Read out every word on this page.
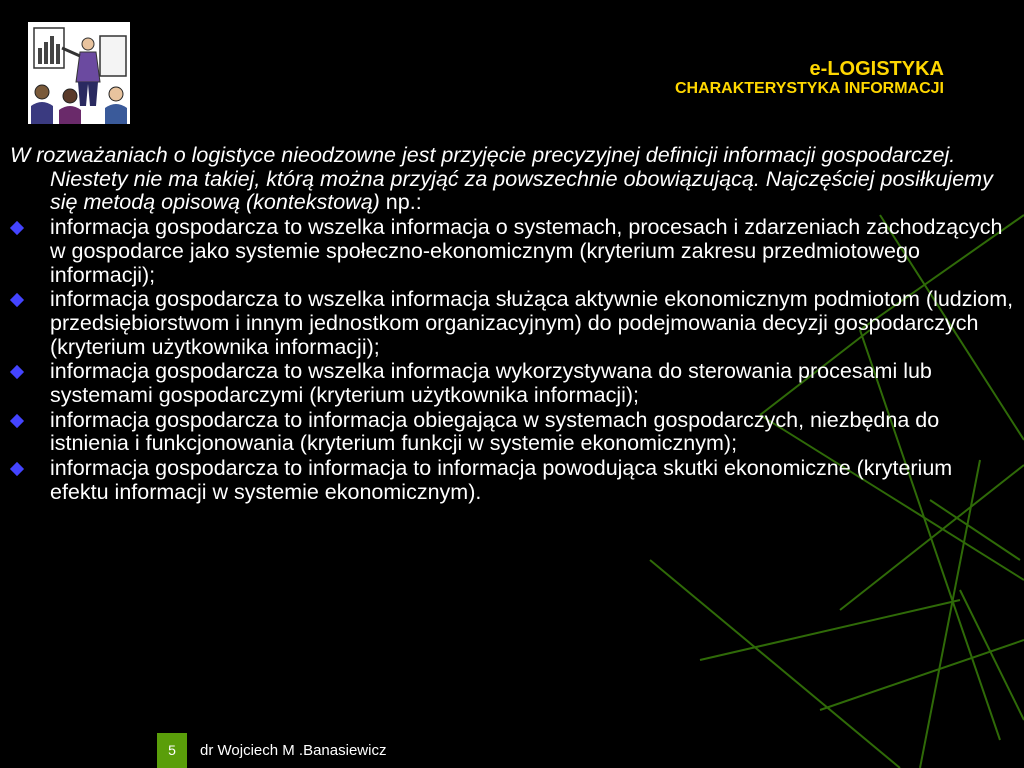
e-LOGISTYKA
CHARAKTERYSTYKA INFORMACJI
W rozważaniach o logistyce nieodzowne jest przyjęcie precyzyjnej definicji informacji gospodarczej. Niestety nie ma takiej, którą można przyjąć za powszechnie obowiązującą. Najczęściej posiłkujemy się metodą opisową (kontekstową) np.:
informacja gospodarcza to wszelka informacja o systemach, procesach i zdarzeniach zachodzących w gospodarce jako systemie społeczno-ekonomicznym (kryterium zakresu przedmiotowego informacji);
informacja gospodarcza to wszelka informacja służąca aktywnie ekonomicznym podmiotom (ludziom, przedsiębiorstwom i innym jednostkom organizacyjnym) do podejmowania decyzji gospodarczych (kryterium użytkownika informacji);
informacja gospodarcza to wszelka informacja wykorzystywana do sterowania procesami lub systemami gospodarczymi (kryterium użytkownika informacji);
informacja gospodarcza to informacja obiegająca w systemach gospodarczych, niezbędna do istnienia i funkcjonowania (kryterium funkcji w systemie ekonomicznym);
informacja gospodarcza to informacja to informacja powodująca skutki ekonomiczne (kryterium efektu informacji w systemie ekonomicznym).
5	dr Wojciech M .Banasiewicz
